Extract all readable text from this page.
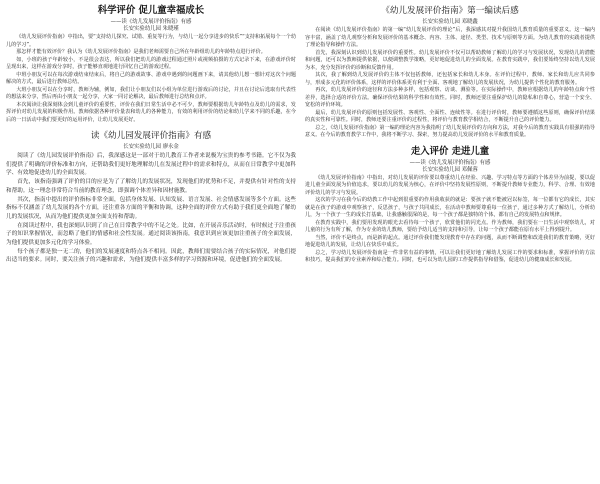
科学评价 促儿童幸福成长
——读《幼儿发展评价指南》有感
长安实验幼儿园 朱晓瑾

《幼儿发展评价指南》中指出，要“支持幼儿探究、试错、重复等行为，与幼儿一起分享进步的快乐”“支持和拓展每个一个幼儿的学习”。

那怎样才能有效评价？我认为《幼儿发展评价指南》是我们老师需要自己所在年龄组幼儿的年龄特点进行评价。

如，小班的孩子年龄较小，不是很会表达，所以我们把幼儿的游戏过程通过照片或视频拍摄的方式记录下来，在游戏评价时呈现出来，这样在游戏分享时，孩子能够直观地进行回忆自己的游戏过程。

中班小朋友可以在每次游戏结束结束后，将自己的游戏故事、游戏中遇到的问题画下来，请其他幼儿想一想针对这次个问题解决的方式，最后进行教师总结。

大班小朋友可以在分享时，教师为辅，例如，我们让小朋友们以小组为单位进行游戏后的讨论，并且在讨论后选取有代表性的想法来分享，然后再由小朋友一起分享，大家一同讨论解决，最后教师进行总结和点评。

本次阅读让我深刻体会到儿童评价的重要性，评价在我们日常生活中必不可少，教师要根据幼儿年龄特点及幼儿的需求，发挥评价对幼儿发展的积极作用。教师依据各种评价量表和幼儿的各种能力，有效的利用评价的结论和幼儿学来不同的乐趣，在今后的一日活动中我们要更好的运用评价，让幼儿发展更好。

读《幼儿园发展评价指南》有感
长安实验幼儿园 廖永金

阅读了《幼儿园发展评价指南》后，我深感这是一部对于幼儿教育工作者来说极为宝贵的参考书籍。它不仅为我们提供了明确的评价标准和方向，还帮助我们更好地理解幼儿在发展过程中的需求和特点，从而在日常教学中更加科学、有效地促进幼儿的全面发展。

首先，该指南强调了评价的目的应是为了了解幼儿的发展状况，发现他们的优势和不足，并提供有针对性的支持和帮助。这一理念非常符合当前的教育理念，即强调个体差异和因材施教。

其次，指南中提出的评价指标非常全面，包括身体发展、认知发展、语言发展、社会情感发展等多个方面。这些指标不仅涵盖了幼儿发展的各个方面，还注重各方面的平衡和协调，这种全面的评价方式有助于我们更全面地了解幼儿的发展状况，从而为他们提供更加全面支持和帮助。

在阅读过程中，我也深刻认识到了自己在日常教学中的不足之处。比如，在开展音乐活动时，有时候过于注重孩子的知识掌握情况，而忽略了他们的情感和社会性发展。通过阅读该指南，我意识到应该更加注重孩子的全面发展，为他们提供更加多元化的学习体验。

每个孩子都是独一无二的，他们的发展速度和特点各不相同。因此，教师们需要结合孩子的实际情况，对他们提出适当的要求。同时，要关注孩子的兴趣和需求，为他们提供丰富多样的学习资源和环境，促进他们的全面发展。

《幼儿发展评价指南》第一编读后感
长安实验幼儿园 邓晓鑫

在阅读《幼儿发展评价指南》的第一编“幼儿发展评价的理论”后，我深感其对提升我国幼儿教育质量的重要意义。这一编内容丰富，涵盖了幼儿观察分析和发展评价的基本概念、内容、主体、途径、类型、技术与原则等方面。为幼儿教育的实践者提供了理论指导和操作方法。

首先，我深刻认识到幼儿发展评价的重要性。幼儿发展评价不仅可以帮助教师了解幼儿的学习与发展状况，发现幼儿的潜能和问题，还可以为教师提供依据，以便调整教学策略，更好地促进幼儿的全面发展。在教育实践中，我们要始终坚持以幼儿发展为本，充分发挥评价的诊断和反馈作用。

其次，我了解到幼儿发展评价的主体不仅包括教师，还包括家长和幼儿本身。在评价过程中，教师、家长和幼儿应共同参与，形成多元化的评价体系，这样的评价体系更有利于全面、客观地了解幼儿的发展状况，为幼儿提供个性化的教育服务。

再次，幼儿发展评价的途径和方法多种多样，包括观察、访谈、测验等。在实际操作中，教师应根据幼儿的年龄特点和个性差异，选择合适的评价方法。确保评价结果的科学性和有效性。同时，教师还要注重保护幼儿的隐私和自尊心，营造一个安全、宽松的评价环境。

最后，幼儿发展评价的原则包括发展性、客观性、全面性、连续性等。在进行评价时，教师要遵循这些原则，确保评价结果的真实性和可靠性。同时，教师还要注重评价的过程性，将评价与教育教学相结合，不断提升自己的评价能力。

总之，《幼儿发展评价指南》第一编的理论内容为我指明了幼儿发展评价的方向和方法，对我今后的教育实践具有很强的指导意义。在今后的教育教学工作中，我将不断学习、探索，努力提高幼儿发展评价的水平和教育质量。

走入评价 走进儿童
——读《幼儿发展评价指南》有感
长安实验幼儿园 邓佩蓉

《幼儿发展评价指南》中指出，对幼儿发展的评价要以尊重幼儿在经验、兴趣、学习特点等方面的个体差异为前提，要以促进儿童全面发展为价值追求，要以幼儿的发展为核心，在评价中坚持发展性原则，不断提升教师专业能力，科学、合理、有效地评价幼儿的学习与发展。

这次的学习在我今后的幼教工作中起到很重要的作用我收获的就是：要孩子就不能被冠以标签，每一位都有它的成长，其实就是在孩子的游戏中观察孩子，反思孩子，与孩子共同成长，在活动中教师要尊重每一位孩子，通过多种方式了解幼儿，分析幼儿，为一个孩子一生的成长打基础，让我感触很深的是，每一个孩子都是独特的个体，都有自己的发展特点和规律。

在教育实践中，我们要用发现的眼光去看待每一个孩子，欣赏他们的闪光点。作为教师，我们要在一日生活中观察幼儿，对儿童的行为有所了解，作为专业的幼儿教师，要给予幼儿适当的支持和引导，让每一个孩子都能在原有水平上得到提升。

当然，评价不是终点，而是新的起点。通过评价我们能发现教育中存在的问题，从而不断调整和改进我们的教育策略，更好地促进幼儿的发展，让幼儿在快乐中成长。

总之，学习幼儿发展评价指南是一件非常有益的事情，可以让我们更好地了解幼儿发展工作的要求和标准，掌握评价的方法和技巧，提高我们的专业素养和综合能力。同时，也可以为幼儿园的工作提供指导和借鉴，促进幼儿的健康成长和发展。
